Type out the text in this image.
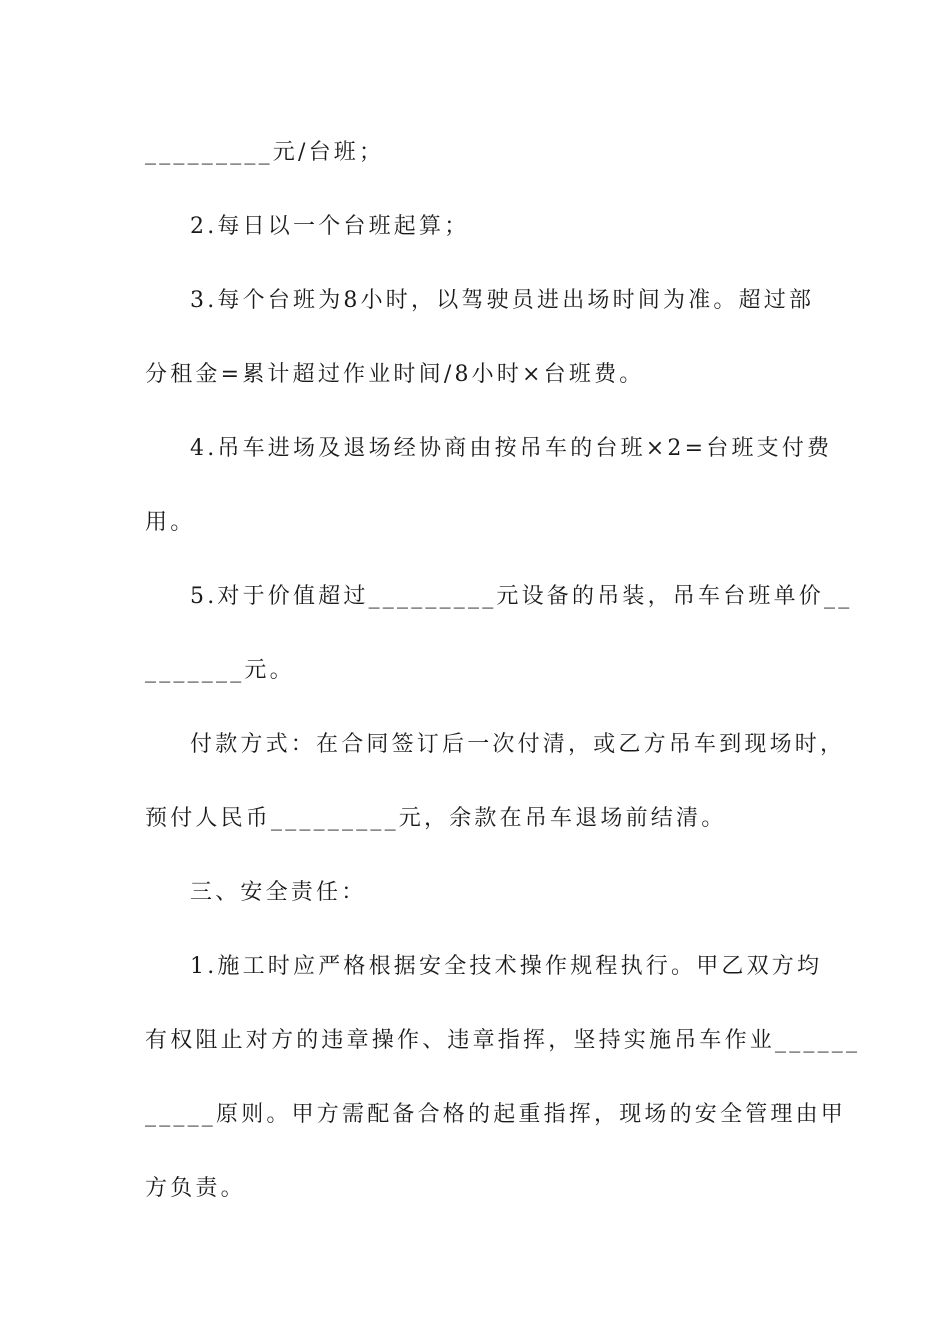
_________元/台班；
2.每日以一个台班起算；
3.每个台班为8小时，以驾驶员进出场时间为准。超过部
分租金=累计超过作业时间/8小时×台班费。
4.吊车进场及退场经协商由按吊车的台班×2=台班支付费
用。
5.对于价值超过_________元设备的吊装，吊车台班单价__
_______元。
付款方式：在合同签订后一次付清，或乙方吊车到现场时，
预付人民币_________元，余款在吊车退场前结清。
三、安全责任：
1.施工时应严格根据安全技术操作规程执行。甲乙双方均
有权阻止对方的违章操作、违章指挥，坚持实施吊车作业______
_____原则。甲方需配备合格的起重指挥，现场的安全管理由甲
方负责。
